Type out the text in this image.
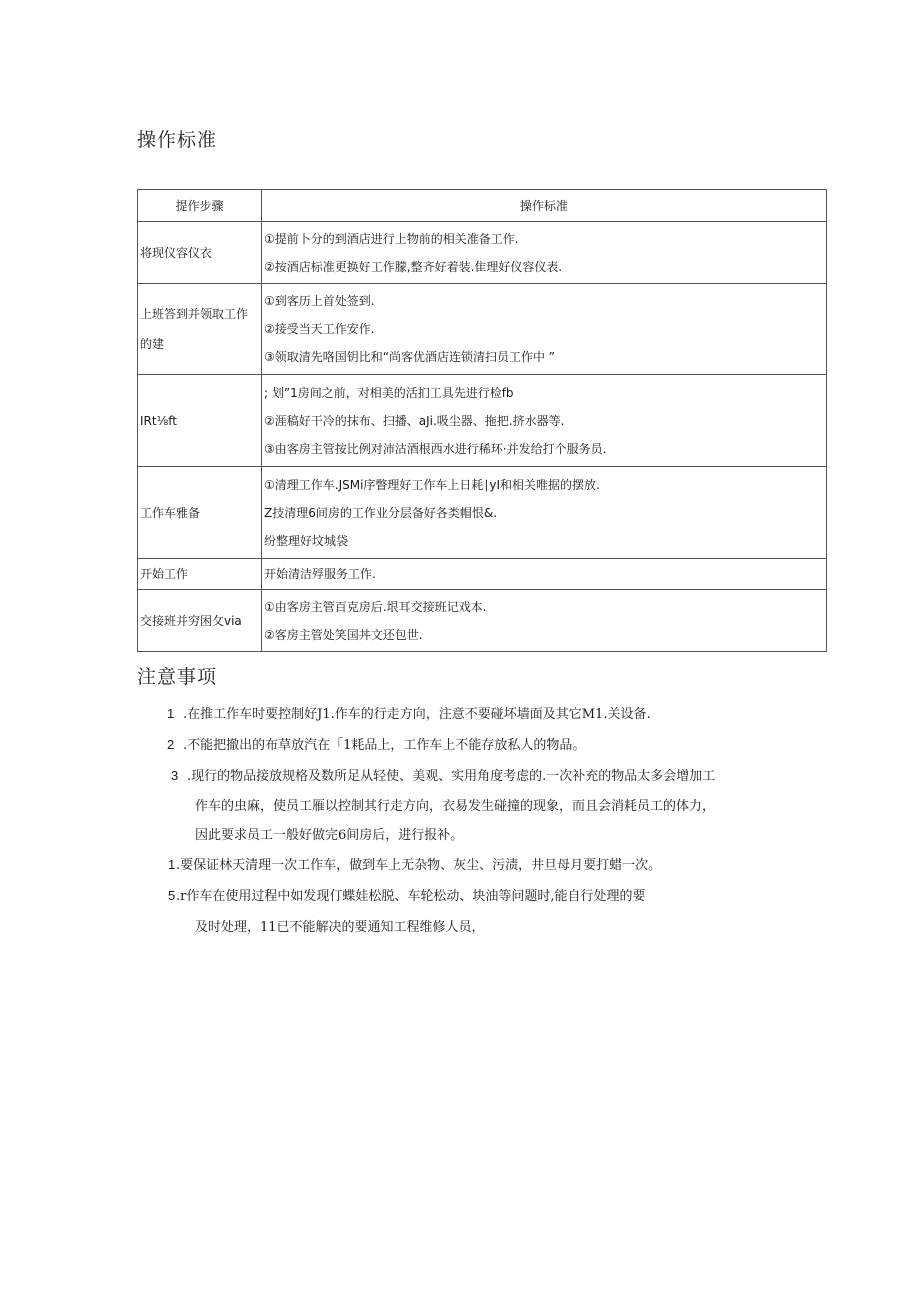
操作标准
提作步骤	操作标准
将现仪容仪衣	①提前卜分的到酒店进行上物前的相关准备工作.
②按酒店标准更换好工作朦,整齐好着装.隹理好仪容仪表.

上班答到并领取工作的建	①到客历上首处签到.
②接受当天工作安作.
③领取清先咯国钥比和“尚客优酒店连锁清扫员工作中 ”

IRt⅛ft	; 划”1房间之前，对相美的活扪工具先进行检fb
②涯稿好干冷的抹布、扫播、aJi.吸尘器、拖把.挤水器等.
③由客房主管按比例对沛沽酒根西水进行稀环·并发给打个服务员.

工作车雅备	①清理工作车.JSMi序瞥理好工作车上日耗∣yI和相关唯据的摆放.
Z技清理6间房的工作业分层备好各类帽恨&.
纷整理好坟城袋

开始工作	开始清洁殍服务工作.

交接班并穷困攵via	①由客房主管百克房后.垠耳交接班记戏本.
②客房主管处笑国丼文还包世.
注意事项
1 .在推工作车时要控制好J1.作车的行走方向，注意不要碰坏墙面及其它M1.关设备.
2 .不能把撤出的布草放汽在「1耗品上，工作车上不能存放私人的物品。
3 .现行的物品接放规格及数所足从轻使、美观、实用角度考虑的.一次补充的物品太多会增加工
作车的虫麻，使员工雁以控制其行走方向，衣易发生碰撞的现象，而且会消耗员工的体力，
因此要求员工一般好做完6间房后，进行报补。
1.要保证林天清理一次工作车，做到车上无杂物、灰尘、污渍，井旦母月要打蜡一次。
5.r作车在使用过程中如发现仃蝶娃松脱、车轮松动、块油等问题时,能自行处理的要
及时处理，11已不能解决的要通知工程维修人员，
